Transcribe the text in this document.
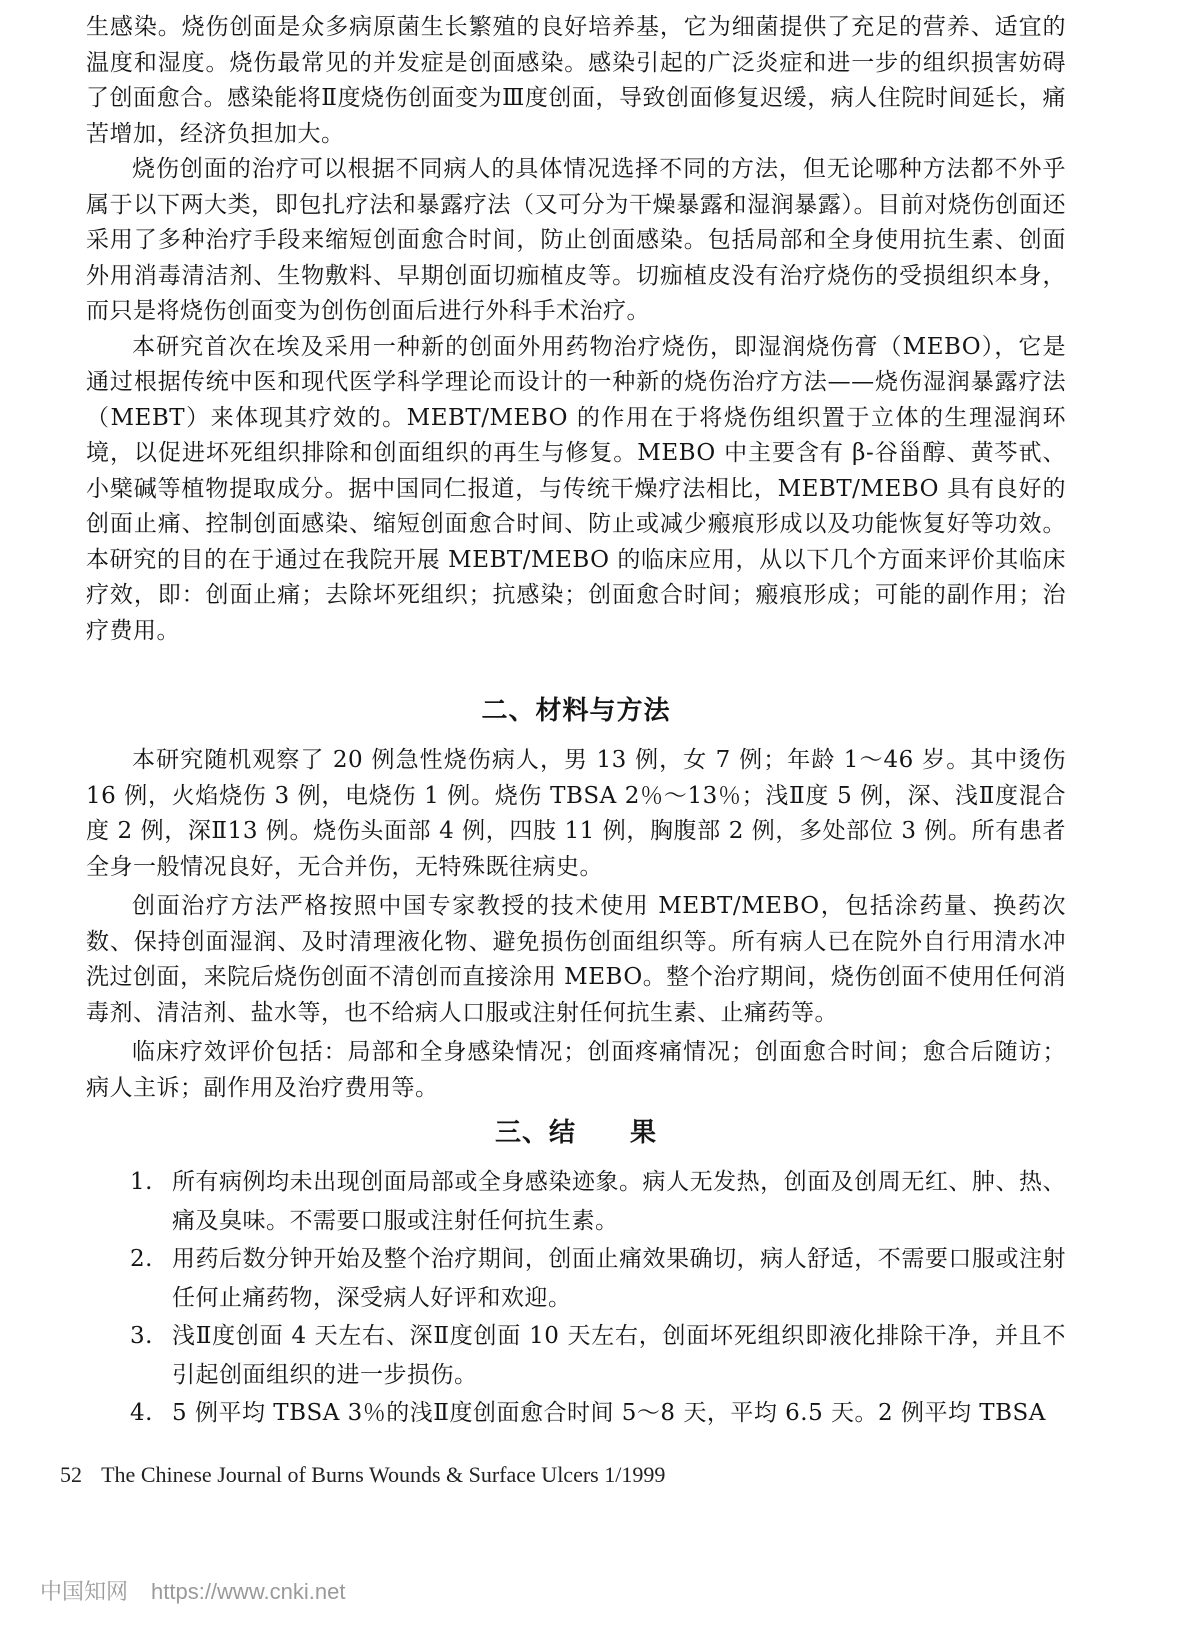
生感染。烧伤创面是众多病原菌生长繁殖的良好培养基，它为细菌提供了充足的营养、适宜的温度和湿度。烧伤最常见的并发症是创面感染。感染引起的广泛炎症和进一步的组织损害妨碍了创面愈合。感染能将Ⅱ度烧伤创面变为Ⅲ度创面，导致创面修复迟缓，病人住院时间延长，痛苦增加，经济负担加大。

烧伤创面的治疗可以根据不同病人的具体情况选择不同的方法，但无论哪种方法都不外乎属于以下两大类，即包扎疗法和暴露疗法（又可分为干燥暴露和湿润暴露）。目前对烧伤创面还采用了多种治疗手段来缩短创面愈合时间，防止创面感染。包括局部和全身使用抗生素、创面外用消毒清洁剂、生物敷料、早期创面切痂植皮等。切痂植皮没有治疗烧伤的受损组织本身，而只是将烧伤创面变为创伤创面后进行外科手术治疗。

本研究首次在埃及采用一种新的创面外用药物治疗烧伤，即湿润烧伤膏（MEBO），它是通过根据传统中医和现代医学科学理论而设计的一种新的烧伤治疗方法——烧伤湿润暴露疗法（MEBT）来体现其疗效的。MEBT/MEBO 的作用在于将烧伤组织置于立体的生理湿润环境，以促进坏死组织排除和创面组织的再生与修复。MEBO 中主要含有 β-谷甾醇、黄芩甙、小檗碱等植物提取成分。据中国同仁报道，与传统干燥疗法相比，MEBT/MEBO 具有良好的创面止痛、控制创面感染、缩短创面愈合时间、防止或减少瘢痕形成以及功能恢复好等功效。本研究的目的在于通过在我院开展 MEBT/MEBO 的临床应用，从以下几个方面来评价其临床疗效，即：创面止痛；去除坏死组织；抗感染；创面愈合时间；瘢痕形成；可能的副作用；治疗费用。

二、材料与方法

本研究随机观察了 20 例急性烧伤病人，男 13 例，女 7 例；年龄 1～46 岁。其中烫伤 16 例，火焰烧伤 3 例，电烧伤 1 例。烧伤 TBSA 2％～13％；浅Ⅱ度 5 例，深、浅Ⅱ度混合度 2 例，深Ⅱ13 例。烧伤头面部 4 例，四肢 11 例，胸腹部 2 例，多处部位 3 例。所有患者全身一般情况良好，无合并伤，无特殊既往病史。

创面治疗方法严格按照中国专家教授的技术使用 MEBT/MEBO，包括涂药量、换药次数、保持创面湿润、及时清理液化物、避免损伤创面组织等。所有病人已在院外自行用清水冲洗过创面，来院后烧伤创面不清创而直接涂用 MEBO。整个治疗期间，烧伤创面不使用任何消毒剂、清洁剂、盐水等，也不给病人口服或注射任何抗生素、止痛药等。

临床疗效评价包括：局部和全身感染情况；创面疼痛情况；创面愈合时间；愈合后随访；病人主诉；副作用及治疗费用等。

三、结　　果
1. 所有病例均未出现创面局部或全身感染迹象。病人无发热，创面及创周无红、肿、热、痛及臭味。不需要口服或注射任何抗生素。
2. 用药后数分钟开始及整个治疗期间，创面止痛效果确切，病人舒适，不需要口服或注射任何止痛药物，深受病人好评和欢迎。
3. 浅Ⅱ度创面 4 天左右、深Ⅱ度创面 10 天左右，创面坏死组织即液化排除干净，并且不引起创面组织的进一步损伤。
4. 5 例平均 TBSA 3％的浅Ⅱ度创面愈合时间 5～8 天，平均 6.5 天。2 例平均 TBSA
52 The Chinese Journal of Burns Wounds & Surface Ulcers 1/1999
中国知网 https://www.cnki.net
